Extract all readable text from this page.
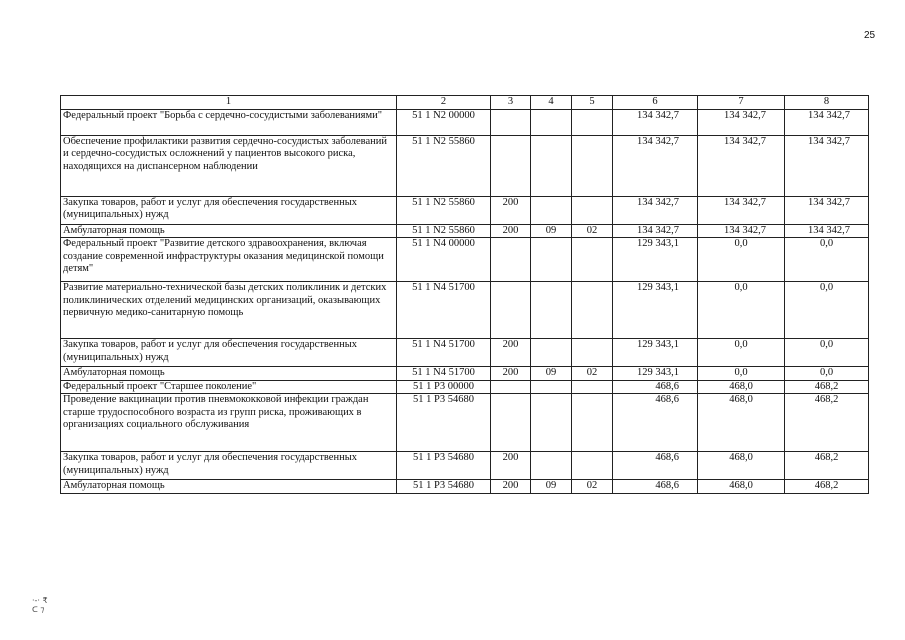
25
1	2	3	4	5	6	7	8
Федеральный проект "Борьба с сердечно-сосудистыми заболеваниями"	51 1 N2 00000				134 342,7	134 342,7	134 342,7
Обеспечение профилактики развития сердечно-сосудистых заболеваний и сердечно-сосудистых осложнений у пациентов высокого риска, находящихся на диспансерном наблюдении	51 1 N2 55860				134 342,7	134 342,7	134 342,7
Закупка товаров, работ и услуг для обеспечения государственных (муниципальных) нужд	51 1 N2 55860	200			134 342,7	134 342,7	134 342,7
Амбулаторная помощь	51 1 N2 55860	200	09	02	134 342,7	134 342,7	134 342,7
Федеральный проект "Развитие детского здравоохранения, включая создание современной инфраструктуры оказания медицинской помощи детям"	51 1 N4 00000				129 343,1	0,0	0,0
Развитие материально-технической базы детских поликлиник и детских поликлинических отделений медицинских организаций, оказывающих первичную медико-санитарную помощь	51 1 N4 51700				129 343,1	0,0	0,0
Закупка товаров, работ и услуг для обеспечения государственных (муниципальных) нужд	51 1 N4 51700	200			129 343,1	0,0	0,0
Амбулаторная помощь	51 1 N4 51700	200	09	02	129 343,1	0,0	0,0
Федеральный проект "Старшее поколение"	51 1 P3 00000				468,6	468,0	468,2
Проведение вакцинации против пневмококковой инфекции граждан старше трудоспособного возраста из групп риска, проживающих в организациях социального обслуживания	51 1 P3 54680				468,6	468,0	468,2
Закупка товаров, работ и услуг для обеспечения государственных (муниципальных) нужд	51 1 P3 54680	200			468,6	468,0	468,2
Амбулаторная помощь	51 1 P3 54680	200	09	02	468,6	468,0	468,2
·-· ₹
ᑕ ⁊
